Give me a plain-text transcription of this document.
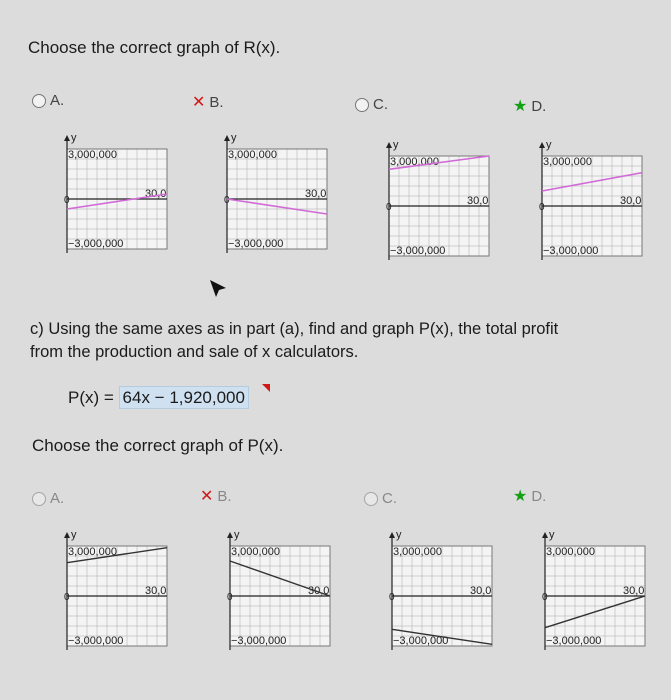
Choose the correct graph of R(x).
A.	✕ B.	C.	★ D.
y
3,000,000
−3,000,000
0
30,0
y
3,000,000
−3,000,000
0
30,0
y
3,000,000
−3,000,000
0
30,0
y
3,000,000
−3,000,000
0
30,0
c) Using the same axes as in part (a), find and graph P(x), the total profit
from the production and sale of x calculators.
P(x) = 64x − 1,920,000
Choose the correct graph of P(x).
A.	✕ B.	C.	★ D.
y
3,000,000
−3,000,000
0
30,0
y
3,000,000
−3,000,000
0
30,0
y
3,000,000
−3,000,000
0
30,0
y
3,000,000
−3,000,000
0
30,0
